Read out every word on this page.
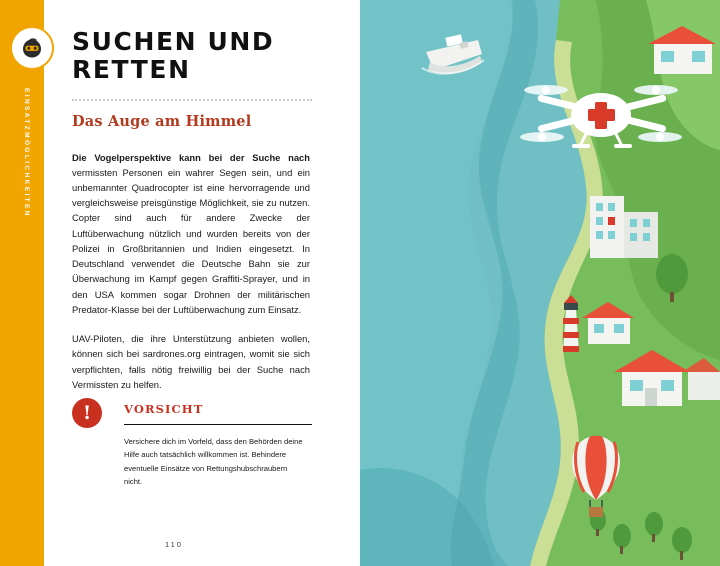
EINSATZMÖGLICHKEITEN
SUCHEN UND RETTEN
Das Auge am Himmel

Die Vogelperspektive kann bei der Suche nach vermissten Personen ein wahrer Segen sein, und ein unbemannter Quadrocopter ist eine hervorragende und vergleichsweise preisgünstige Möglichkeit, sie zu nutzen. Copter sind auch für andere Zwecke der Luftüberwachung nützlich und wurden bereits von der Polizei in Großbritannien und Indien eingesetzt. In Deutschland verwendet die Deutsche Bahn sie zur Überwachung im Kampf gegen Graffiti-Sprayer, und in den USA kommen sogar Drohnen der militärischen Predator-Klasse bei der Luftüberwachung zum Einsatz.

UAV-Piloten, die ihre Unterstützung anbieten wollen, können sich bei sardrones.org eintragen, womit sie sich verpflichten, falls nötig freiwillig bei der Suche nach Vermissten zu helfen.

!	VORSICHT
Versichere dich im Vorfeld, dass den Behörden deine Hilfe auch tatsächlich willkommen ist. Behindere eventuelle Einsätze von Rettungshubschraubern nicht.
110
